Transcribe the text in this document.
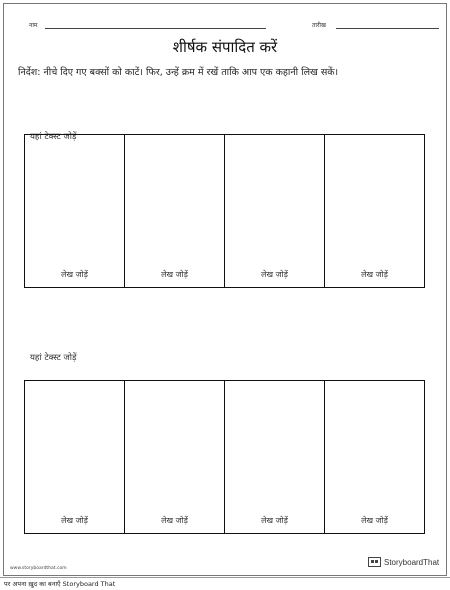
नाम	तारीख
शीर्षक संपादित करें
निर्देश: नीचे दिए गए बक्सों को काटें। फिर, उन्हें क्रम में रखें ताकि आप एक कहानी लिख सकें।
यहां टेक्स्ट जोड़ें
लेख जोड़ें	लेख जोड़ें	लेख जोड़ें	लेख जोड़ें
यहां टेक्स्ट जोड़ें
लेख जोड़ें	लेख जोड़ें	लेख जोड़ें	लेख जोड़ें
www.storyboardthat.com
StoryboardThat
पर अपना ख़ुद का बनाएँ Storyboard That
